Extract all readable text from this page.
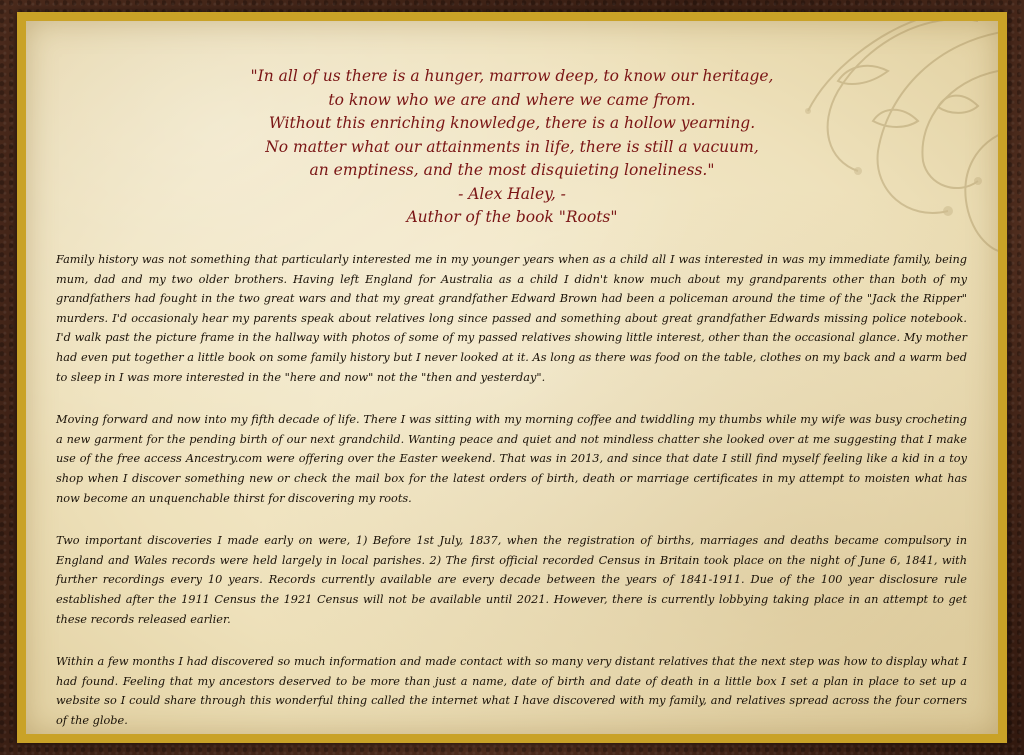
"In all of us there is a hunger, marrow deep, to know our heritage,

to know who we are and where we came from.

Without this enriching knowledge, there is a hollow yearning.

No matter what our attainments in life, there is still a vacuum,

an emptiness, and the most disquieting loneliness."

- Alex Haley, -

Author of the book "Roots"

Family history was not something that particularly interested me in my younger years when as a child all I was interested in was my immediate family, being mum, dad and my two older brothers. Having left England for Australia as a child I didn't know much about my grandparents other than both of my grandfathers had fought in the two great wars and that my great grandfather Edward Brown had been a policeman around the time of the "Jack the Ripper" murders. I'd occasionaly hear my parents speak about relatives long since passed and something about great grandfather Edwards missing police notebook. I'd walk past the picture frame in the hallway with photos of some of my passed relatives showing little interest, other than the occasional glance. My mother had even put together a little book on some family history but I never looked at it. As long as there was food on the table, clothes on my back and a warm bed to sleep in I was more interested in the "here and now" not the "then and yesterday".

Moving forward and now into my fifth decade of life. There I was sitting with my morning coffee and twiddling my thumbs while my wife was busy crocheting a new garment for the pending birth of our next grandchild. Wanting peace and quiet and not mindless chatter she looked over at me suggesting that I make use of the free access Ancestry.com were offering over the Easter weekend. That was in 2013, and since that date I still find myself feeling like a kid in a toy shop when I discover something new or check the mail box for the latest orders of birth, death or marriage certificates in my attempt to moisten what has now become an unquenchable thirst for discovering my roots.

Two important discoveries I made early on were, 1) Before 1st July, 1837, when the registration of births, marriages and deaths became compulsory in England and Wales records were held largely in local parishes. 2) The first official recorded Census in Britain took place on the night of June 6, 1841, with further recordings every 10 years. Records currently available are every decade between the years of 1841-1911. Due of the 100 year disclosure rule established after the 1911 Census the 1921 Census will not be available until 2021. However, there is currently lobbying taking place in an attempt to get these records released earlier.

Within a few months I had discovered so much information and made contact with so many very distant relatives that the next step was how to display what I had found. Feeling that my ancestors deserved to be more than just a name, date of birth and date of death in a little box I set a plan in place to set up a website so I could share through this wonderful thing called the internet what I have discovered with my family, and relatives spread across the four corners of the globe.
